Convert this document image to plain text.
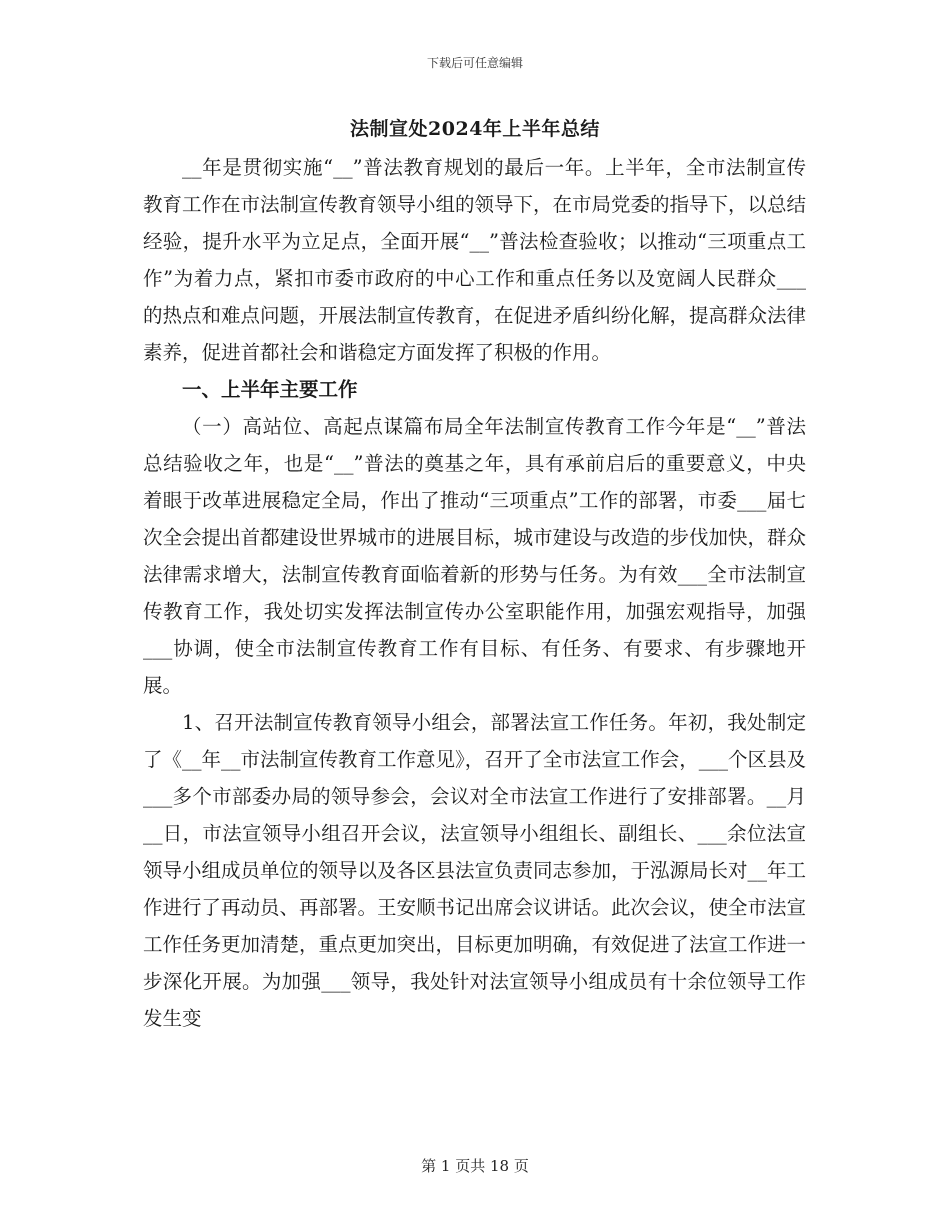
下载后可任意编辑
法制宣处2024年上半年总结

__年是贯彻实施“__”普法教育规划的最后一年。上半年，全市法制宣传教育工作在市法制宣传教育领导小组的领导下，在市局党委的指导下，以总结经验，提升水平为立足点，全面开展“__”普法检查验收；以推动“三项重点工作”为着力点，紧扣市委市政府的中心工作和重点任务以及宽阔人民群众___的热点和难点问题，开展法制宣传教育，在促进矛盾纠纷化解，提高群众法律素养，促进首都社会和谐稳定方面发挥了积极的作用。

一、上半年主要工作

（一）高站位、高起点谋篇布局全年法制宣传教育工作今年是“__”普法总结验收之年，也是“__”普法的奠基之年，具有承前启后的重要意义，中央着眼于改革进展稳定全局，作出了推动“三项重点”工作的部署，市委___届七次全会提出首都建设世界城市的进展目标，城市建设与改造的步伐加快，群众法律需求增大，法制宣传教育面临着新的形势与任务。为有效___全市法制宣传教育工作，我处切实发挥法制宣传办公室职能作用，加强宏观指导，加强___协调，使全市法制宣传教育工作有目标、有任务、有要求、有步骤地开展。

1、召开法制宣传教育领导小组会，部署法宣工作任务。年初，我处制定了《__年__市法制宣传教育工作意见》，召开了全市法宣工作会，___个区县及___多个市部委办局的领导参会，会议对全市法宣工作进行了安排部署。__月__日，市法宣领导小组召开会议，法宣领导小组组长、副组长、___余位法宣领导小组成员单位的领导以及各区县法宣负责同志参加，于泓源局长对__年工作进行了再动员、再部署。王安顺书记出席会议讲话。此次会议，使全市法宣工作任务更加清楚，重点更加突出，目标更加明确，有效促进了法宣工作进一步深化开展。为加强___领导，我处针对法宣领导小组成员有十余位领导工作发生变

第 1 页共 18 页
